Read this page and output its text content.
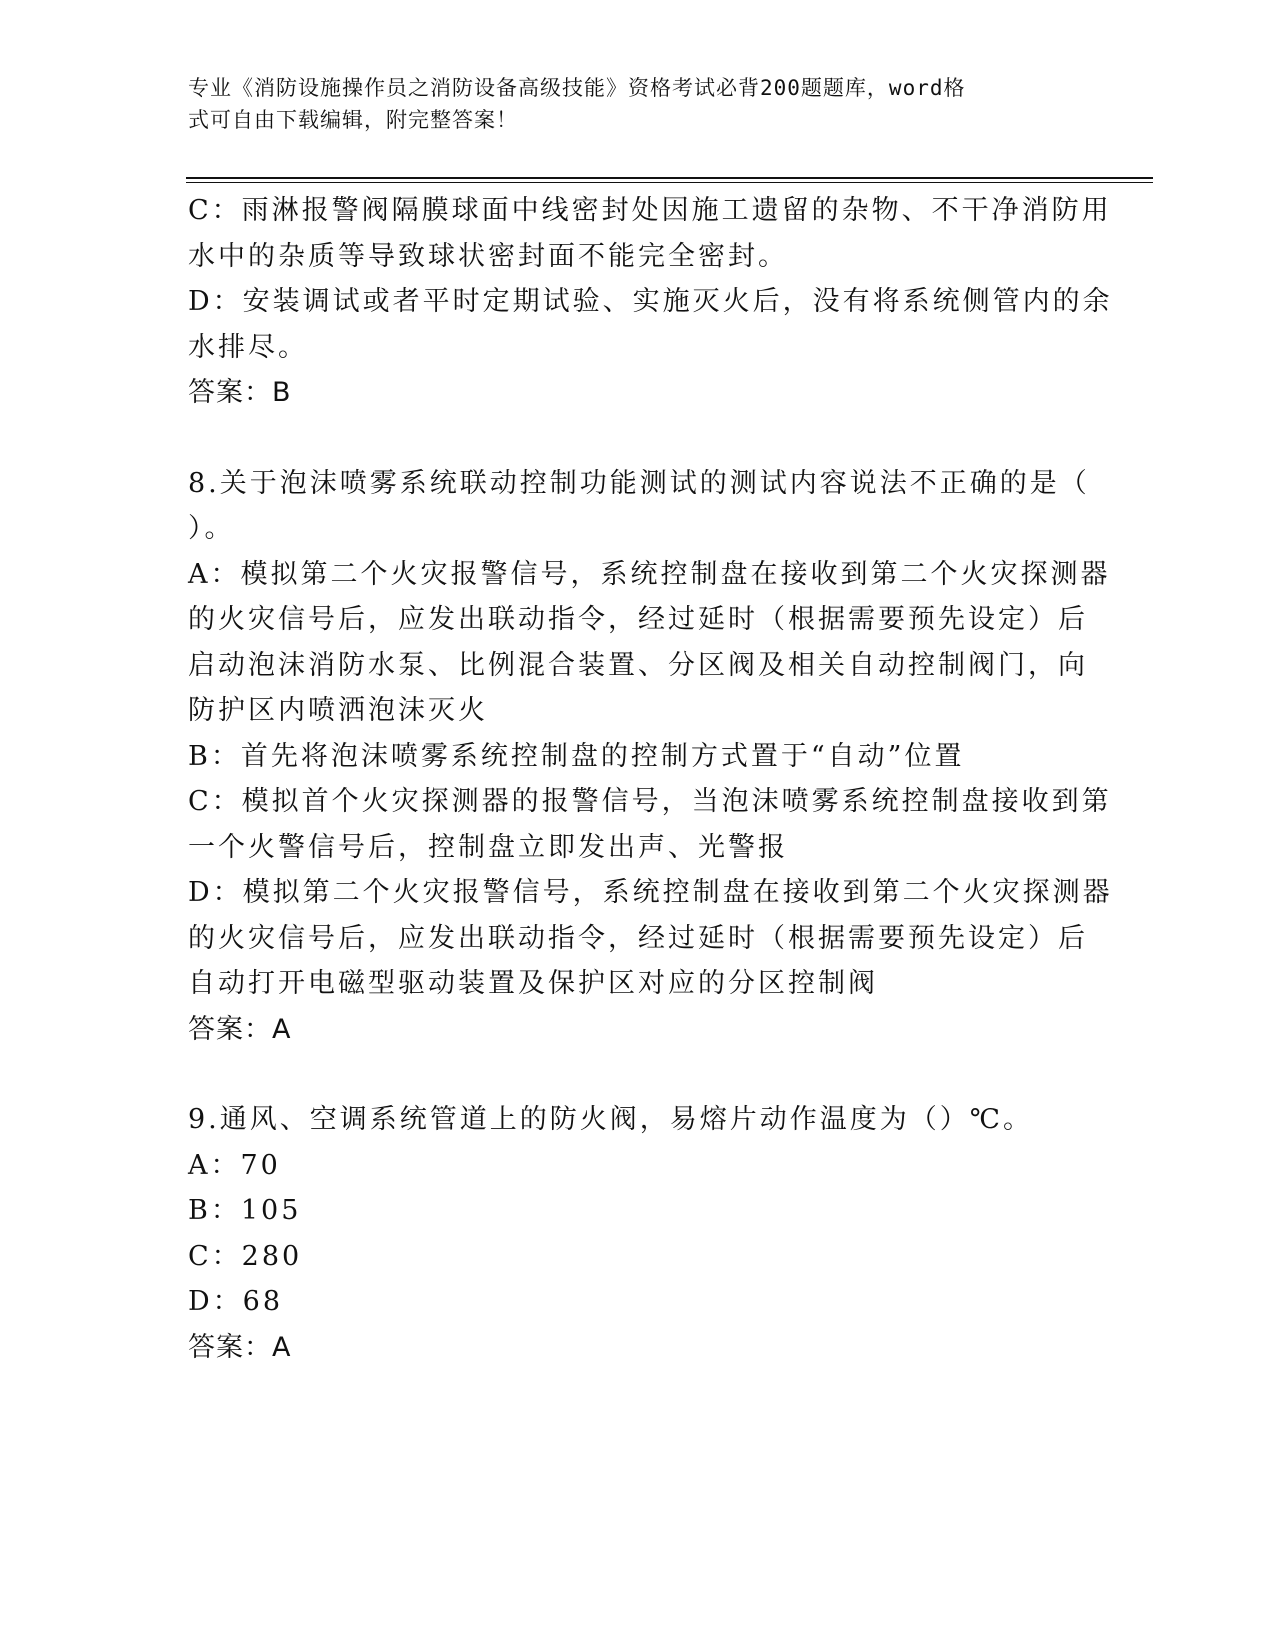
专业《消防设施操作员之消防设备高级技能》资格考试必背200题题库，word格
式可自由下载编辑，附完整答案！
C：雨淋报警阀隔膜球面中线密封处因施工遗留的杂物、不干净消防用
水中的杂质等导致球状密封面不能完全密封。
D：安装调试或者平时定期试验、实施灭火后，没有将系统侧管内的余
水排尽。
答案：B
8.关于泡沫喷雾系统联动控制功能测试的测试内容说法不正确的是（
）。
A：模拟第二个火灾报警信号，系统控制盘在接收到第二个火灾探测器
的火灾信号后，应发出联动指令，经过延时（根据需要预先设定）后
启动泡沫消防水泵、比例混合装置、分区阀及相关自动控制阀门，向
防护区内喷洒泡沫灭火
B：首先将泡沫喷雾系统控制盘的控制方式置于“自动”位置
C：模拟首个火灾探测器的报警信号，当泡沫喷雾系统控制盘接收到第
一个火警信号后，控制盘立即发出声、光警报
D：模拟第二个火灾报警信号，系统控制盘在接收到第二个火灾探测器
的火灾信号后，应发出联动指令，经过延时（根据需要预先设定）后
自动打开电磁型驱动装置及保护区对应的分区控制阀
答案：A
9.通风、空调系统管道上的防火阀，易熔片动作温度为（）℃。
A：70
B：105
C：280
D：68
答案：A
